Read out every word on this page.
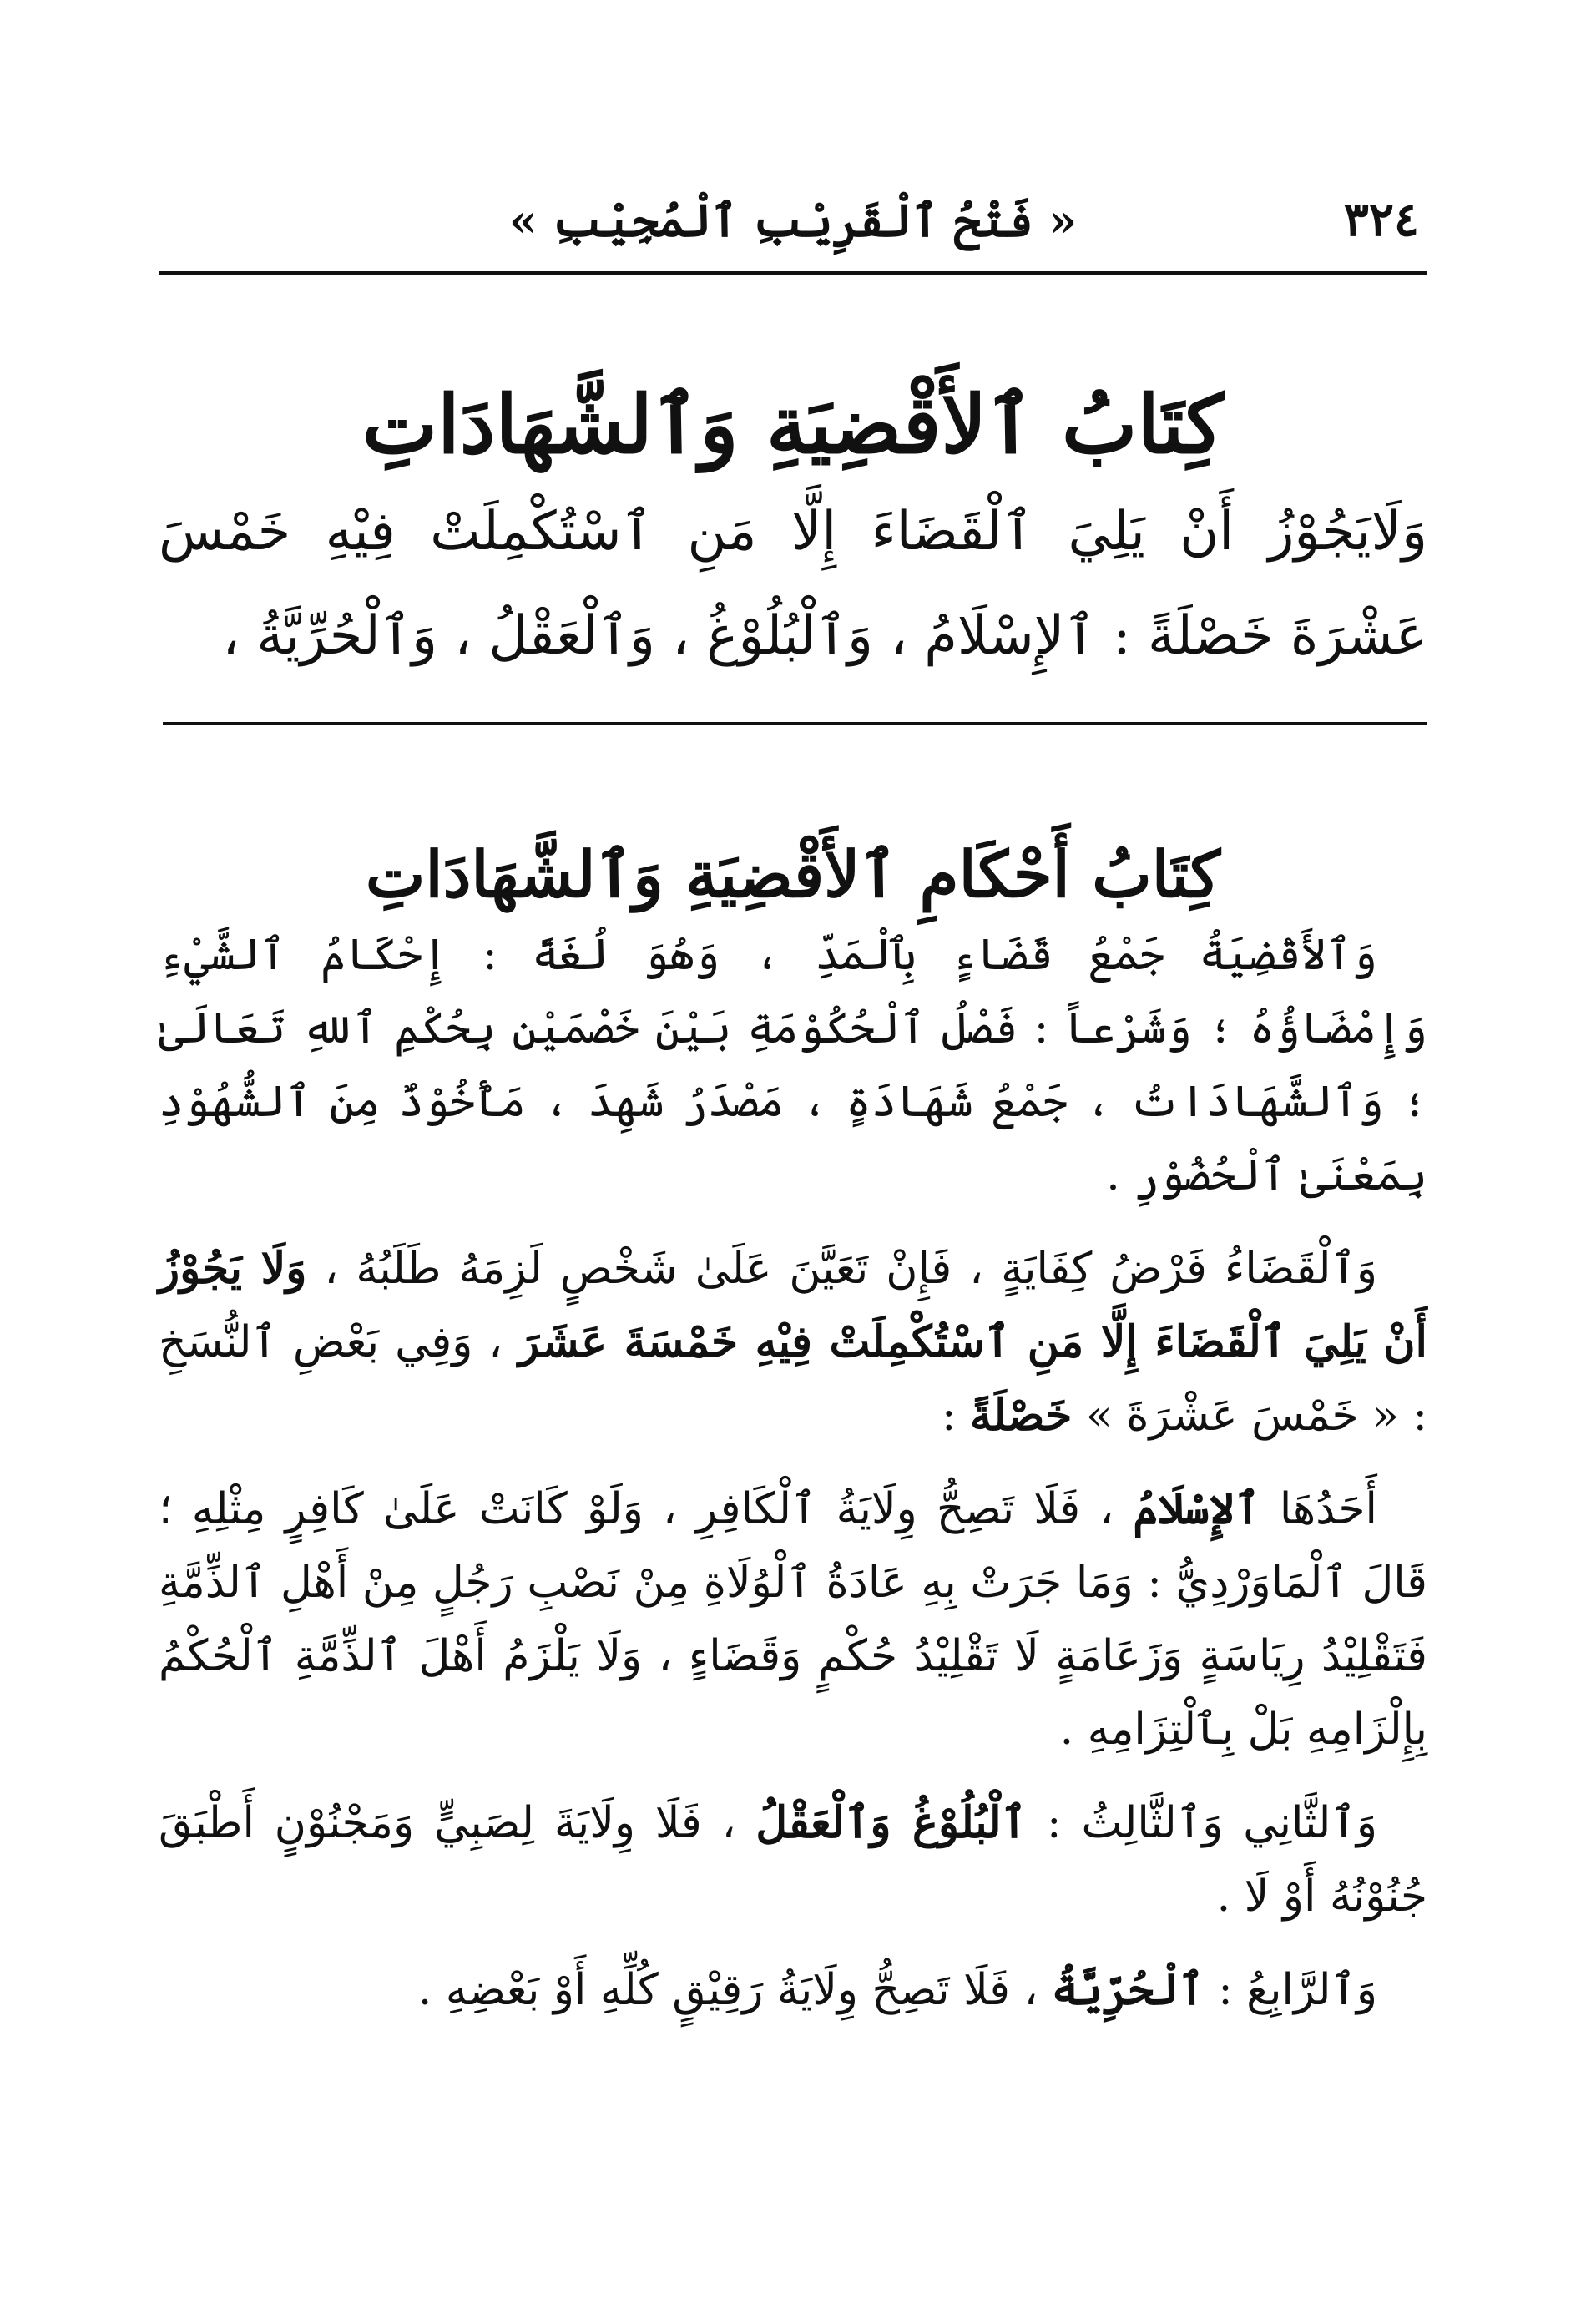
٣٢٤
« فَتْحُ ٱلْقَرِيْبِ ٱلْمُجِيْبِ »
كِتَابُ ٱلأَقْضِيَةِ وَٱلشَّهَادَاتِ
وَلَايَجُوْزُ أَنْ يَلِيَ ٱلْقَضَاءَ إِلَّا مَنِ ٱسْتُكْمِلَتْ فِيْهِ خَمْسَ عَشْرَةَ خَصْلَةً : ٱلإِسْلَامُ ، وَٱلْبُلُوْغُ ، وَٱلْعَقْلُ ، وَٱلْحُرِّيَّةُ ،
كِتَابُ أَحْكَامِ ٱلأَقْضِيَةِ وَٱلشَّهَادَاتِ

وَٱلأَقْضِيَةُ جَمْعُ قَضَاءٍ بِٱلْمَدِّ ، وَهُوَ لُغَةً : إِحْكَامُ ٱلشَّيْءِ وَإِمْضَاؤُهُ ؛ وَشَرْعاً : فَصْلُ ٱلْحُكُوْمَةِ بَيْنَ خَصْمَيْنِ بِحُكْمِ ٱللهِ تَعَالَىٰ ؛ وَٱلشَّهَادَاتُ ، جَمْعُ شَهَادَةٍ ، مَصْدَرُ شَهِدَ ، مَأْخُوْذٌ مِنَ ٱلشُّهُوْدِ بِمَعْنَىٰ ٱلْحُضُوْرِ .

وَٱلْقَضَاءُ فَرْضُ كِفَايَةٍ ، فَإِنْ تَعَيَّنَ عَلَىٰ شَخْصٍ لَزِمَهُ طَلَبُهُ ، وَلَا يَجُوْزُ أَنْ يَلِيَ ٱلْقَضَاءَ إِلَّا مَنِ ٱسْتُكْمِلَتْ فِيْهِ خَمْسَةَ عَشَرَ ، وَفِي بَعْضِ ٱلنُّسَخِ : « خَمْسَ عَشْرَةَ » خَصْلَةً :

أَحَدُهَا ٱلإِسْلَامُ ، فَلَا تَصِحُّ وِلَايَةُ ٱلْكَافِرِ ، وَلَوْ كَانَتْ عَلَىٰ كَافِرٍ مِثْلِهِ ؛ قَالَ ٱلْمَاوَرْدِيُّ : وَمَا جَرَتْ بِهِ عَادَةُ ٱلْوُلَاةِ مِنْ نَصْبِ رَجُلٍ مِنْ أَهْلِ ٱلذِّمَّةِ فَتَقْلِيْدُ رِيَاسَةٍ وَزَعَامَةٍ لَا تَقْلِيْدُ حُكْمٍ وَقَضَاءٍ ، وَلَا يَلْزَمُ أَهْلَ ٱلذِّمَّةِ ٱلْحُكْمُ بِإِلْزَامِهِ بَلْ بِٱلْتِزَامِهِ .

وَٱلثَّانِي وَٱلثَّالِثُ : ٱلْبُلُوْغُ وَٱلْعَقْلُ ، فَلَا وِلَايَةَ لِصَبِيٍّ وَمَجْنُوْنٍ أَطْبَقَ جُنُوْنُهُ أَوْ لَا .

وَٱلرَّابِعُ : ٱلْحُرِّيَّةُ ، فَلَا تَصِحُّ وِلَايَةُ رَقِيْقٍ كُلِّهِ أَوْ بَعْضِهِ .
